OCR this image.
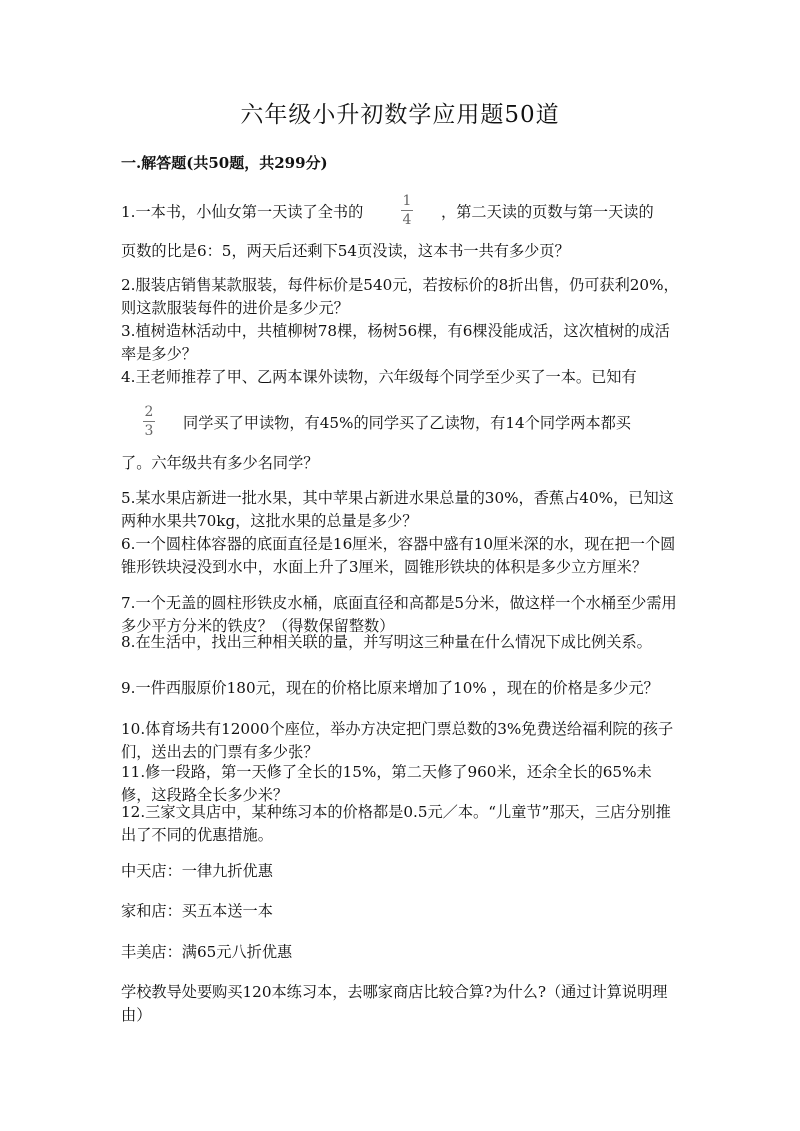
六年级小升初数学应用题50道
一.解答题(共50题，共299分)

1.一本书，小仙女第一天读了全书的

1
4 ，第二天读的页数与第一天读的

页数的比是6：5，两天后还剩下54页没读，这本书一共有多少页？

2.服装店销售某款服装，每件标价是540元，若按标价的8折出售，仍可获利20%，则这款服装每件的进价是多少元？

3.植树造林活动中，共植柳树78棵，杨树56棵，有6棵没能成活，这次植树的成活率是多少？

4.王老师推荐了甲、乙两本课外读物，六年级每个同学至少买了一本。已知有

2
3 同学买了甲读物，有45%的同学买了乙读物，有14个同学两本都买

了。六年级共有多少名同学？

5.某水果店新进一批水果，其中苹果占新进水果总量的30%，香蕉占40%，已知这两种水果共70kg，这批水果的总量是多少？

6.一个圆柱体容器的底面直径是16厘米，容器中盛有10厘米深的水，现在把一个圆锥形铁块浸没到水中，水面上升了3厘米，圆锥形铁块的体积是多少立方厘米？

7.一个无盖的圆柱形铁皮水桶，底面直径和高都是5分米，做这样一个水桶至少需用多少平方分米的铁皮？（得数保留整数）

8.在生活中，找出三种相关联的量，并写明这三种量在什么情况下成比例关系。

9.一件西服原价180元，现在的价格比原来增加了10% ，现在的价格是多少元？

10.体育场共有12000个座位，举办方决定把门票总数的3%免费送给福利院的孩子们，送出去的门票有多少张？

11.修一段路，第一天修了全长的15%，第二天修了960米，还余全长的65%未修，这段路全长多少米？

12.三家文具店中，某种练习本的价格都是0.5元／本。“儿童节”那天，三店分别推出了不同的优惠措施。

中天店：一律九折优惠

家和店：买五本送一本

丰美店：满65元八折优惠

学校教导处要购买120本练习本，去哪家商店比较合算?为什么?（通过计算说明理由）
